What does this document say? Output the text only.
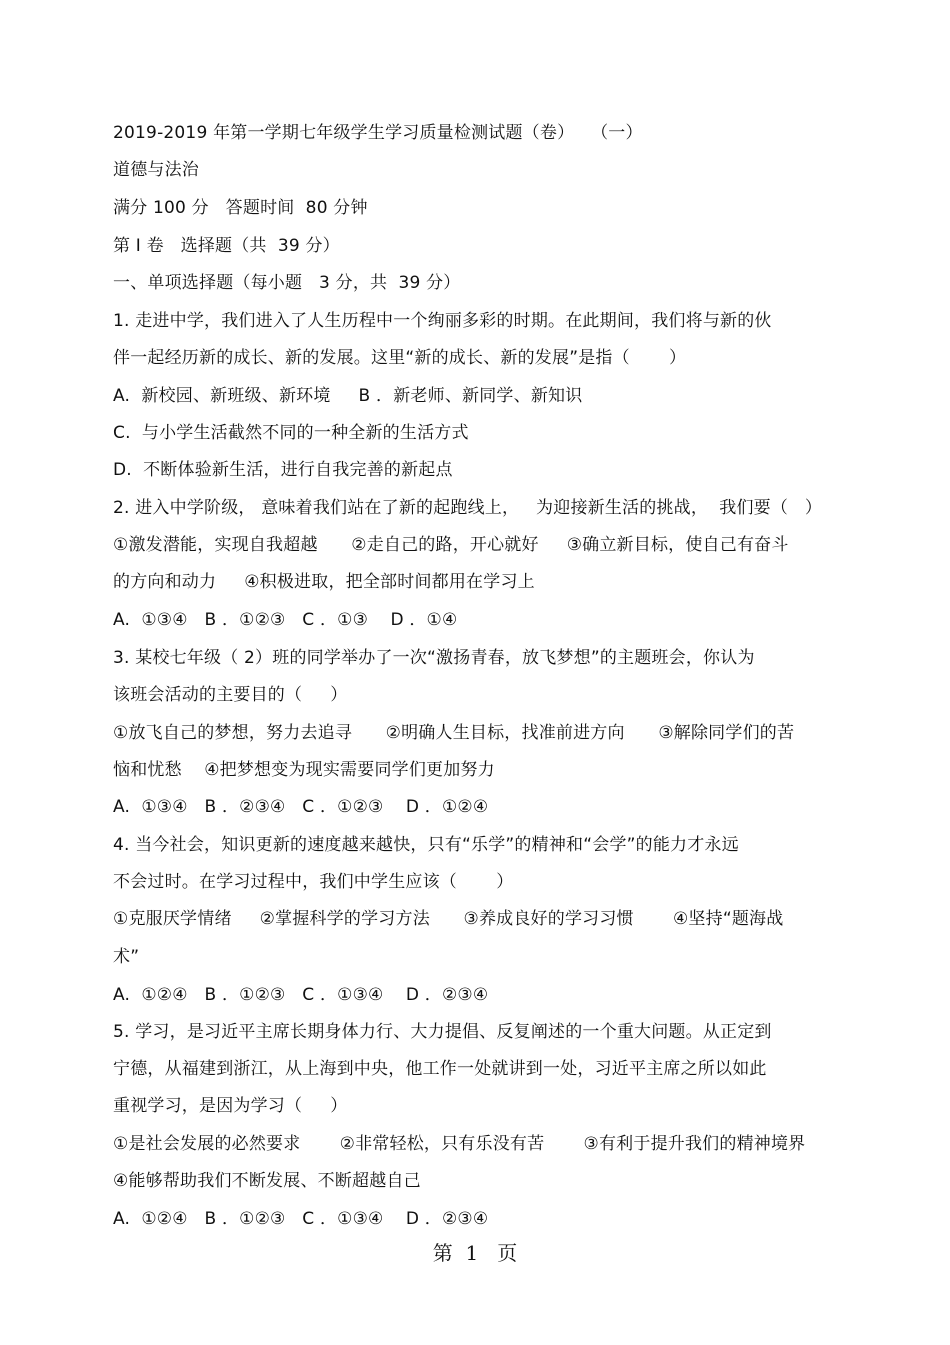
2019-2019 年第一学期七年级学生学习质量检测试题（卷）   （一）
道德与法治
满分 100 分   答题时间  80 分钟
第 I 卷   选择题（共  39 分）
一、单项选择题（每小题   3 分，共  39 分）
1. 走进中学，我们进入了人生历程中一个绚丽多彩的时期。在此期间，我们将与新的伙
伴一起经历新的成长、新的发展。这里“新的成长、新的发展”是指（       ）
A.  新校园、新班级、新环境     B ．新老师、新同学、新知识
C.  与小学生活截然不同的一种全新的生活方式
D.  不断体验新生活，进行自我完善的新起点
2. 进入中学阶级， 意味着我们站在了新的起跑线上，   为迎接新生活的挑战，  我们要（   ）
①激发潜能，实现自我超越      ②走自己的路，开心就好     ③确立新目标，使自己有奋斗
的方向和动力     ④积极进取，把全部时间都用在学习上
A.  ①③④   B ．①②③   C ．①③    D ．①④
3. 某校七年级（ 2）班的同学举办了一次“激扬青春，放飞梦想”的主题班会，你认为
该班会活动的主要目的（     ）
①放飞自己的梦想，努力去追寻      ②明确人生目标，找准前进方向      ③解除同学们的苦
恼和忧愁    ④把梦想变为现实需要同学们更加努力
A.  ①③④   B ．②③④   C ．①②③    D ．①②④
4. 当今社会，知识更新的速度越来越快，只有“乐学”的精神和“会学”的能力才永远
不会过时。在学习过程中，我们中学生应该（       ）
①克服厌学情绪     ②掌握科学的学习方法      ③养成良好的学习习惯       ④坚持“题海战
术”
A.  ①②④   B ．①②③   C ．①③④    D ．②③④
5. 学习，是习近平主席长期身体力行、大力提倡、反复阐述的一个重大问题。从正定到
宁德，从福建到浙江，从上海到中央，他工作一处就讲到一处，习近平主席之所以如此
重视学习，是因为学习（     ）
①是社会发展的必然要求       ②非常轻松，只有乐没有苦       ③有利于提升我们的精神境界
④能够帮助我们不断发展、不断超越自己
A.  ①②④   B ．①②③   C ．①③④    D ．②③④
第  1   页
